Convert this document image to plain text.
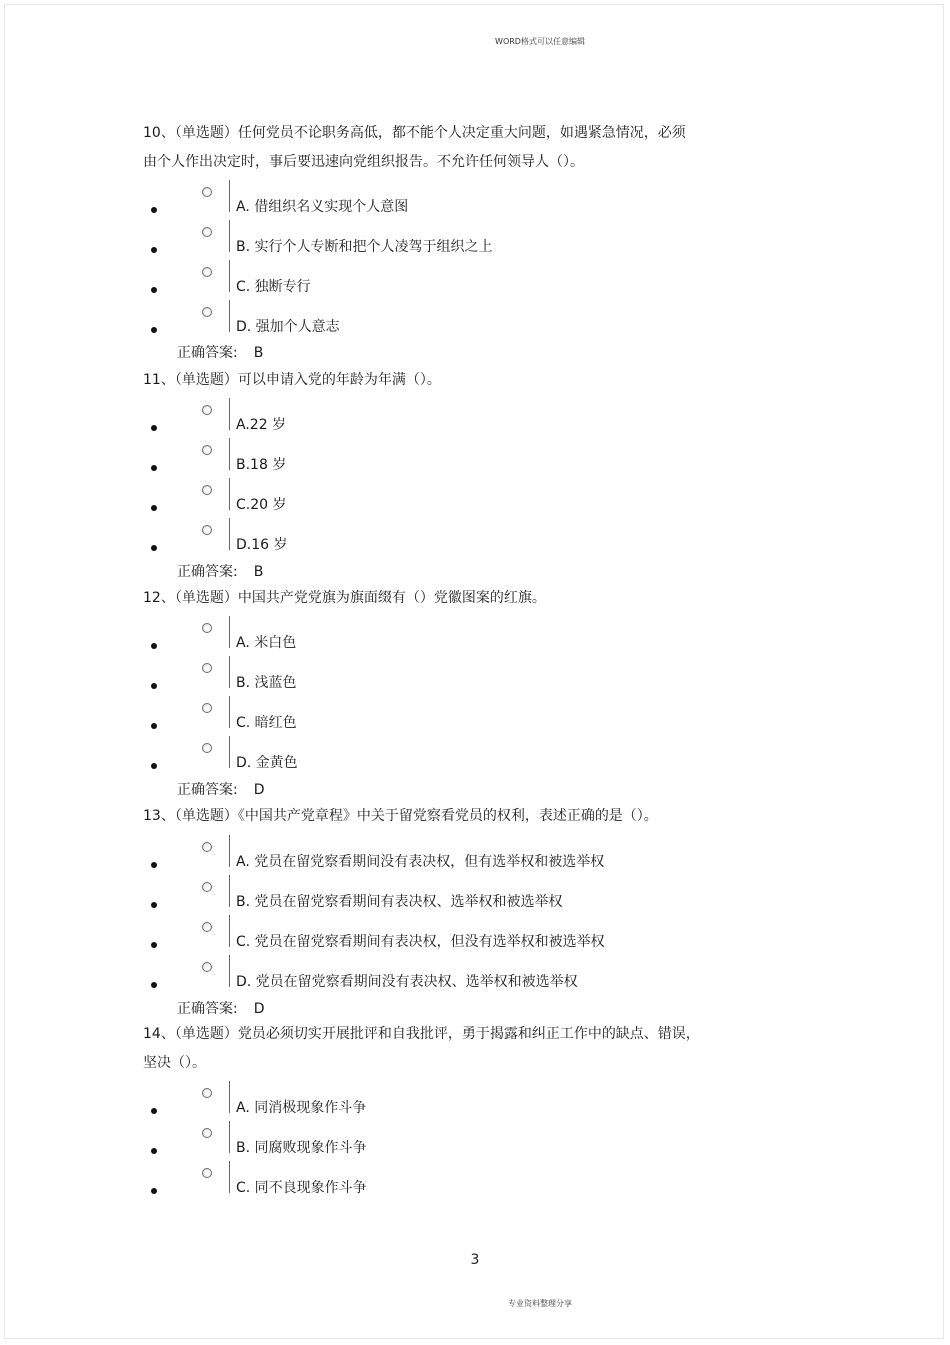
WORD格式可以任意编辑
10、（单选题）任何党员不论职务高低，都不能个人决定重大问题，如遇紧急情况，必须
由个人作出决定时，事后要迅速向党组织报告。不允许任何领导人（）。
A. 借组织名义实现个人意图
B. 实行个人专断和把个人凌驾于组织之上
C. 独断专行
D. 强加个人意志
正确答案: B
11、（单选题）可以申请入党的年龄为年满（）。
A.22 岁
B.18 岁
C.20 岁
D.16 岁
正确答案: B
12、（单选题）中国共产党党旗为旗面缀有（）党徽图案的红旗。
A. 米白色
B. 浅蓝色
C. 暗红色
D. 金黄色
正确答案: D
13、（单选题）《中国共产党章程》中关于留党察看党员的权利，表述正确的是（）。
A. 党员在留党察看期间没有表决权，但有选举权和被选举权
B. 党员在留党察看期间有表决权、选举权和被选举权
C. 党员在留党察看期间有表决权，但没有选举权和被选举权
D. 党员在留党察看期间没有表决权、选举权和被选举权
正确答案: D
14、（单选题）党员必须切实开展批评和自我批评，勇于揭露和纠正工作中的缺点、错误，
坚决（）。
A. 同消极现象作斗争
B. 同腐败现象作斗争
C. 同不良现象作斗争
3
专业资料整理分享
